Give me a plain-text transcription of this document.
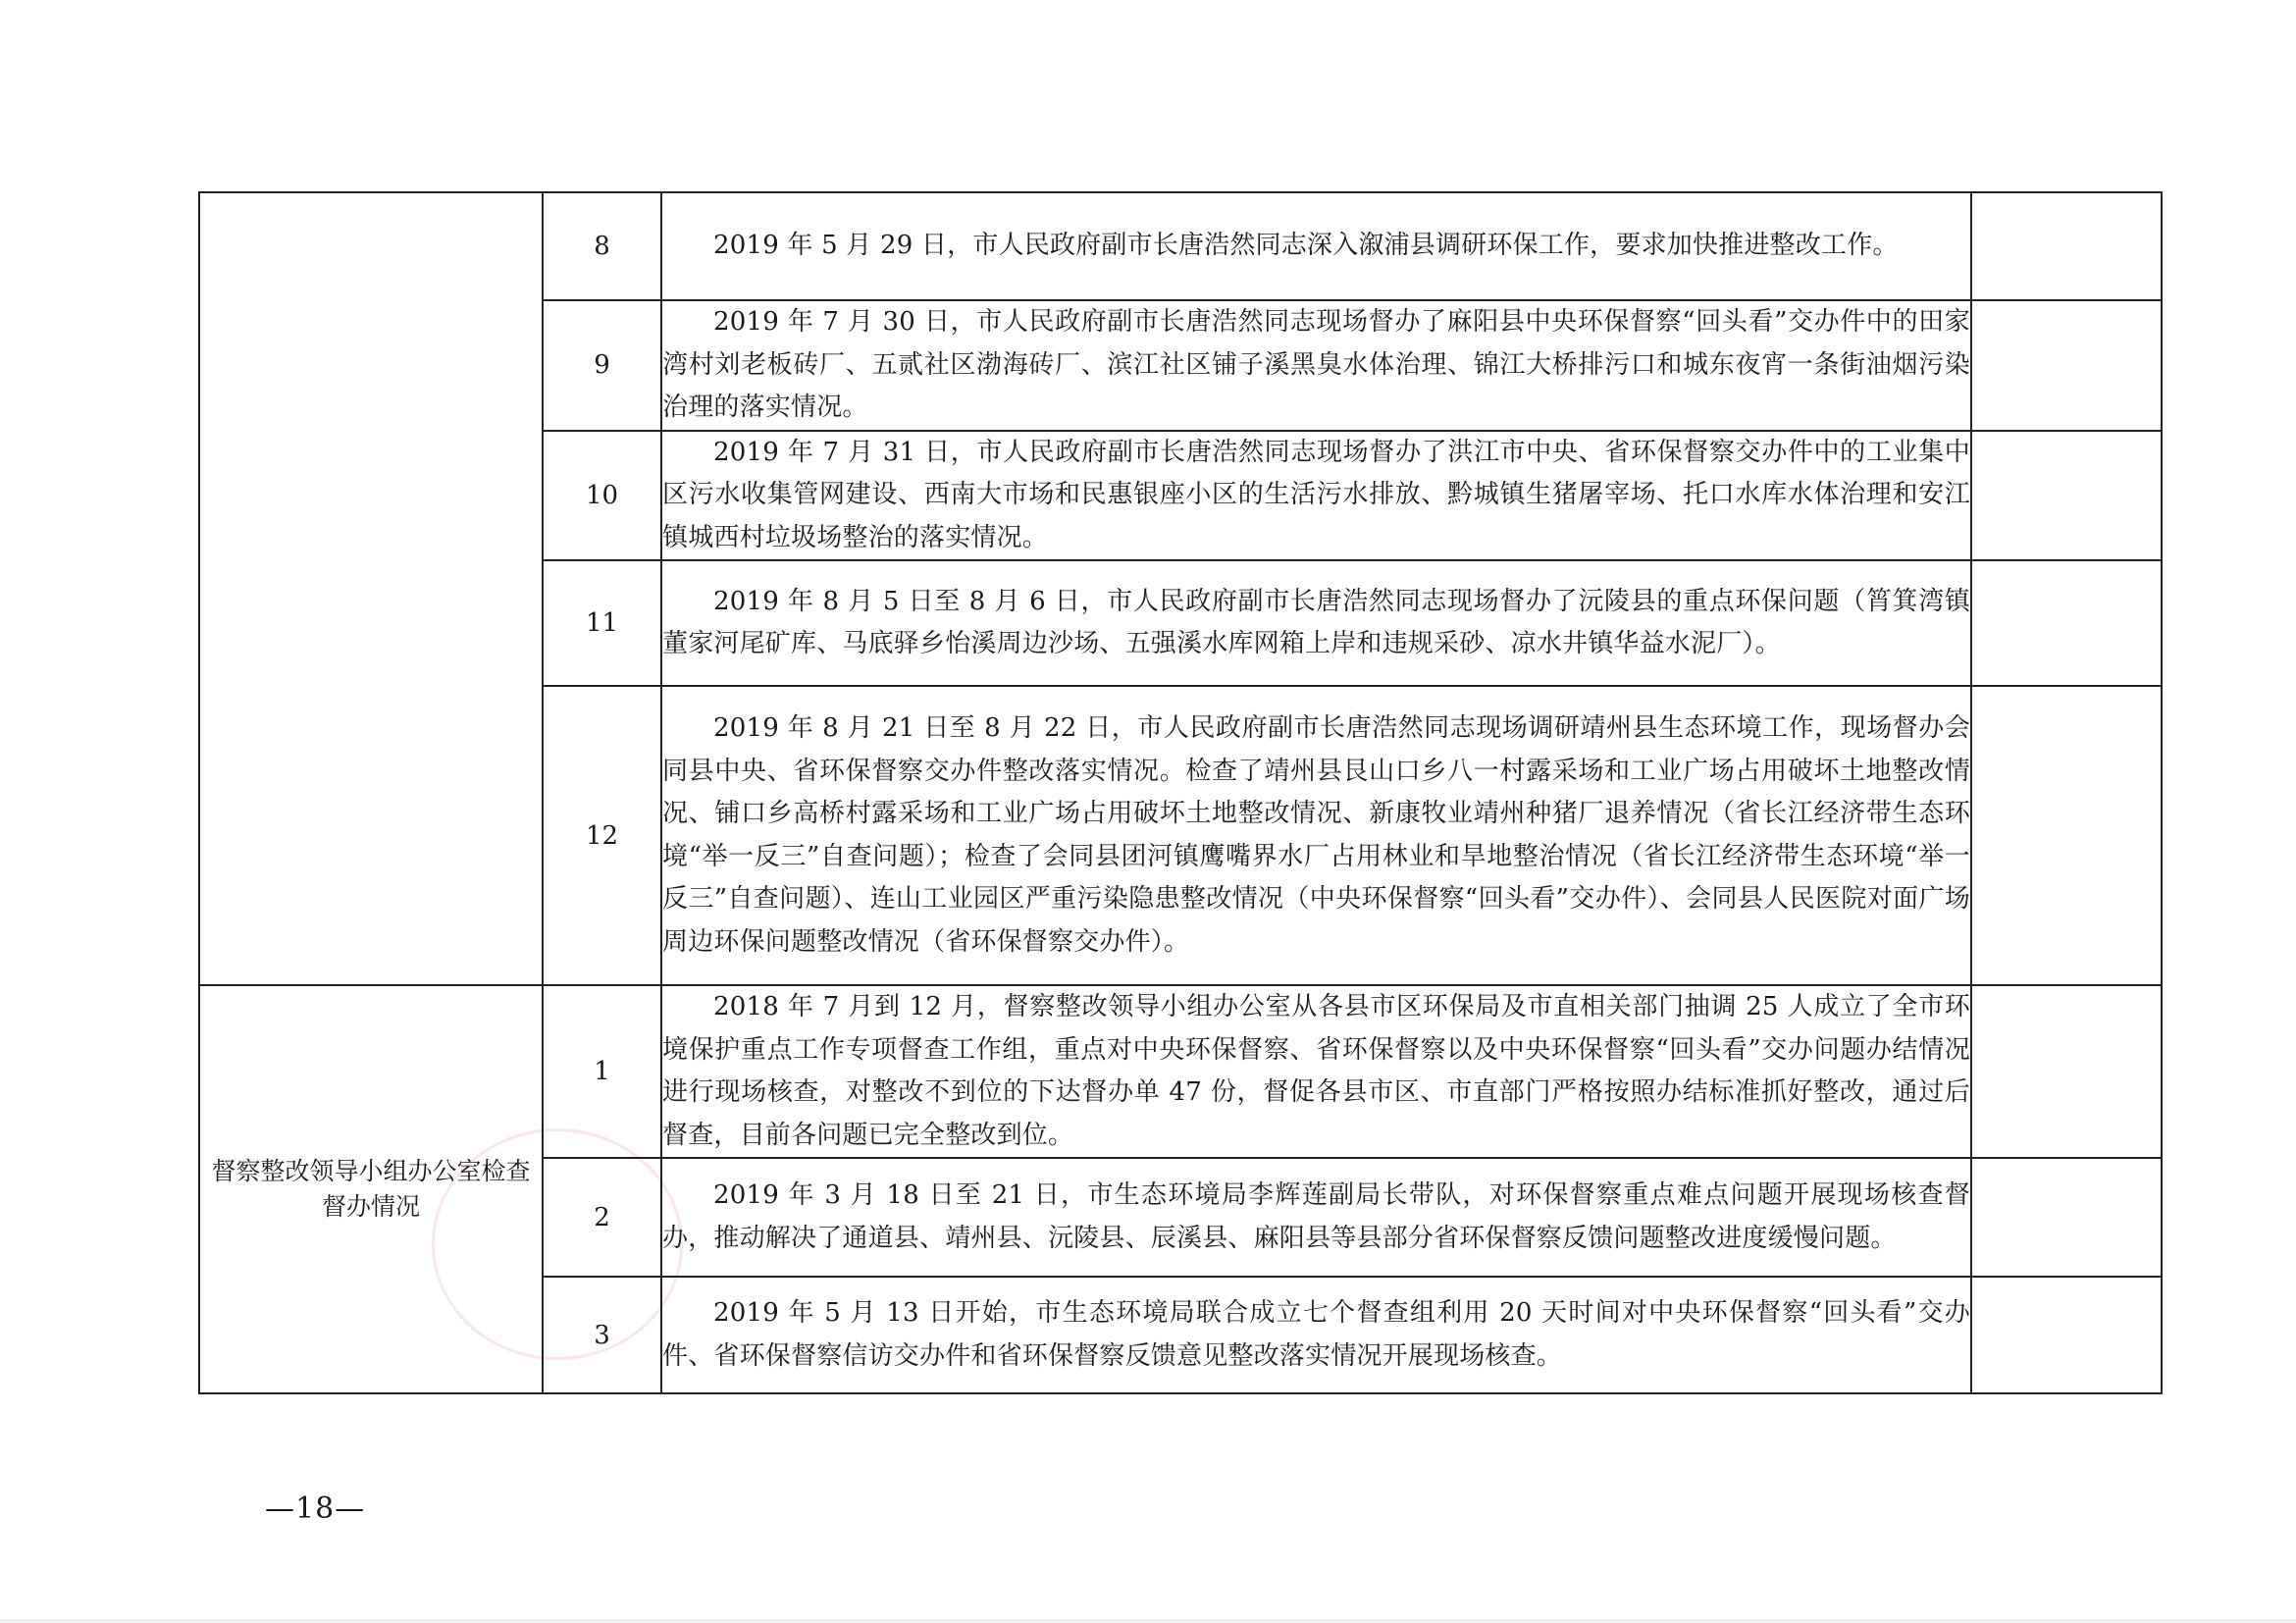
	8	2019 年 5 月 29 日，市人民政府副市长唐浩然同志深入溆浦县调研环保工作，要求加快推进整改工作。	
	9	2019 年 7 月 30 日，市人民政府副市长唐浩然同志现场督办了麻阳县中央环保督察“回头看”交办件中的田家湾村刘老板砖厂、五贰社区渤海砖厂、滨江社区铺子溪黑臭水体治理、锦江大桥排污口和城东夜宵一条街油烟污染治理的落实情况。	
	10	2019 年 7 月 31 日，市人民政府副市长唐浩然同志现场督办了洪江市中央、省环保督察交办件中的工业集中区污水收集管网建设、西南大市场和民惠银座小区的生活污水排放、黔城镇生猪屠宰场、托口水库水体治理和安江镇城西村垃圾场整治的落实情况。	
	11	2019 年 8 月 5 日至 8 月 6 日，市人民政府副市长唐浩然同志现场督办了沅陵县的重点环保问题（筲箕湾镇董家河尾矿库、马底驿乡怡溪周边沙场、五强溪水库网箱上岸和违规采砂、凉水井镇华益水泥厂）。	
	12	2019 年 8 月 21 日至 8 月 22 日，市人民政府副市长唐浩然同志现场调研靖州县生态环境工作，现场督办会同县中央、省环保督察交办件整改落实情况。检查了靖州县艮山口乡八一村露采场和工业广场占用破坏土地整改情况、铺口乡高桥村露采场和工业广场占用破坏土地整改情况、新康牧业靖州种猪厂退养情况（省长江经济带生态环境“举一反三”自查问题）；检查了会同县团河镇鹰嘴界水厂占用林业和旱地整治情况（省长江经济带生态环境“举一反三”自查问题）、连山工业园区严重污染隐患整改情况（中央环保督察“回头看”交办件）、会同县人民医院对面广场周边环保问题整改情况（省环保督察交办件）。	
督察整改领导小组办公室检查督办情况	1	2018 年 7 月到 12 月，督察整改领导小组办公室从各县市区环保局及市直相关部门抽调 25 人成立了全市环境保护重点工作专项督查工作组，重点对中央环保督察、省环保督察以及中央环保督察“回头看”交办问题办结情况进行现场核查，对整改不到位的下达督办单 47 份，督促各县市区、市直部门严格按照办结标准抓好整改，通过后督查，目前各问题已完全整改到位。	
	2	2019 年 3 月 18 日至 21 日，市生态环境局李辉莲副局长带队，对环保督察重点难点问题开展现场核查督办，推动解决了通道县、靖州县、沅陵县、辰溪县、麻阳县等县部分省环保督察反馈问题整改进度缓慢问题。	
	3	2019 年 5 月 13 日开始，市生态环境局联合成立七个督查组利用 20 天时间对中央环保督察“回头看”交办件、省环保督察信访交办件和省环保督察反馈意见整改落实情况开展现场核查。	
—18—
